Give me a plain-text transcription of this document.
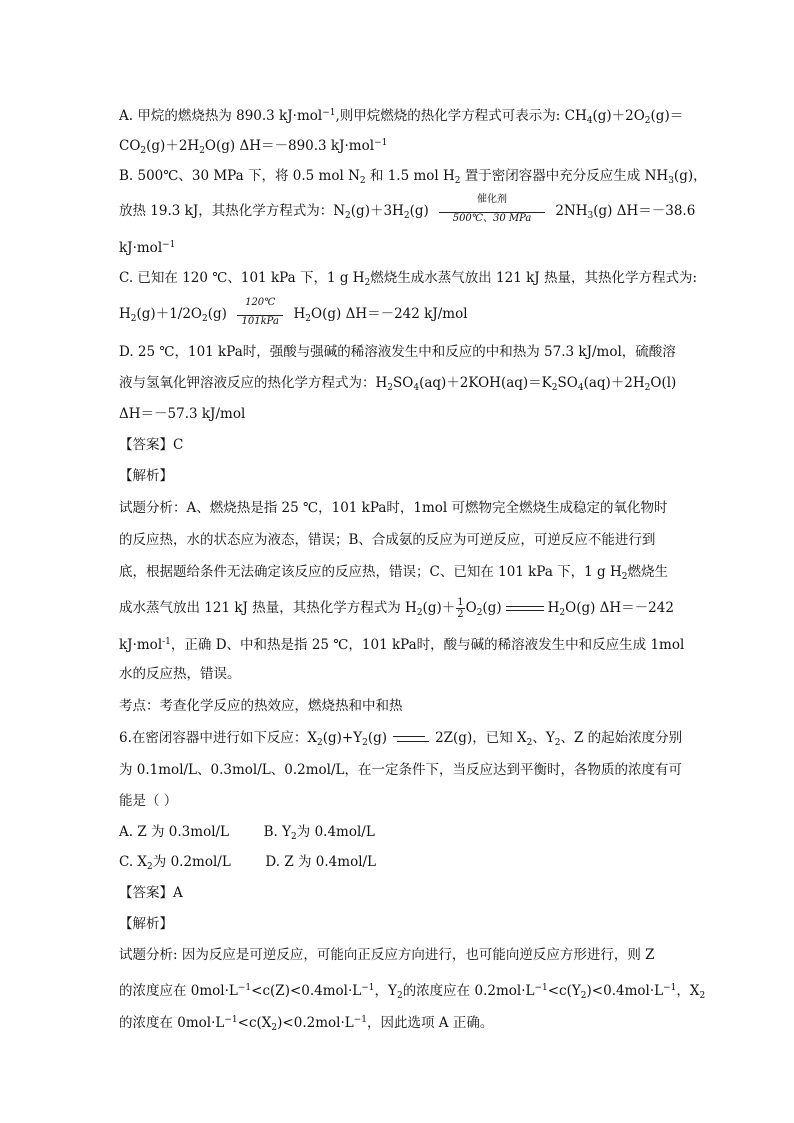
A. 甲烷的燃烧热为 890.3 kJ·mol$^{-1}$,则甲烷燃烧的热化学方程式可表示为: $CH_4(g)+2O_2(g)=$
$CO_2(g)+2H_2O(g)$ ΔH＝－890.3 kJ·mol$^{-1}$
B. 500℃、30 MPa 下，将 0.5 mol $N_2$ 和 1.5 mol $H_2$ 置于密闭容器中充分反应生成 $NH_3(g)$，
放热 19.3 kJ，其热化学方程式为：$N_2(g)+3H_2(g)$
催化剂
500℃、30 MPa	$2NH_3(g)$ ΔH＝－38.6
kJ·mol$^{-1}$
C. 已知在 120 ℃、101 kPa 下，1 g $H_2$燃烧生成水蒸气放出 121 kJ 热量，其热化学方程式为:
$H_2(g)+1/2O_2(g)$
120℃
101kPa	$H_2O(g)$ ΔH＝－242 kJ/mol
D. 25 ℃，101 kPa时，强酸与强碱的稀溶液发生中和反应的中和热为 57.3 kJ/mol，硫酸溶
液与氢氧化钾溶液反应的热化学方程式为：$H_2SO_4(aq)+2KOH(aq)=K_2SO_4(aq)+2H_2O(l)$
ΔH＝－57.3 kJ/mol
【答案】C
【解析】
试题分析：A、燃烧热是指 25 ℃，101 kPa时，1mol 可燃物完全燃烧生成稳定的氧化物时
的反应热，水的状态应为液态，错误；B、合成氨的反应为可逆反应，可逆反应不能进行到
底，根据题给条件无法确定该反应的反应热，错误；C、已知在 101 kPa 下，1 g $H_2$燃烧生
成水蒸气放出 121 kJ 热量，其热化学方程式为 $H_2(g)+ \frac{1}{2} O_2(g)$	$H_2O(g)$ ΔH＝－242
kJ·mol$^{-1}$，正确 D、中和热是指 25 ℃，101 kPa时，酸与碱的稀溶液发生中和反应生成 1mol
水的反应热，错误。
考点：考查化学反应的热效应，燃烧热和中和热
6.在密闭容器中进行如下反应：$X_2(g)+Y_2(g)$	2Z(g)，已知 $X_2$、$Y_2$、Z 的起始浓度分别
为 0.1mol/L、0.3mol/L、0.2mol/L，在一定条件下，当反应达到平衡时，各物质的浓度有可
能是（ ）
A. Z 为 0.3mol/L	B. $Y_2$为 0.4mol/L
C. $X_2$为 0.2mol/L	D. Z 为 0.4mol/L
【答案】A
【解析】
试题分析: 因为反应是可逆反应，可能向正反应方向进行，也可能向逆反应方形进行，则 Z
的浓度应在 $0mol\cdot L^{-1}<c(Z)<0.4mol\cdot L^{-1}$，$Y_2$的浓度应在 $0.2mol\cdot L^{-1}<c(Y_2)<0.4mol\cdot L^{-1}$，$X_2$
的浓度在 $0mol\cdot L^{-1}<c(X_2)<0.2mol\cdot L^{-1}$，因此选项 A 正确。
